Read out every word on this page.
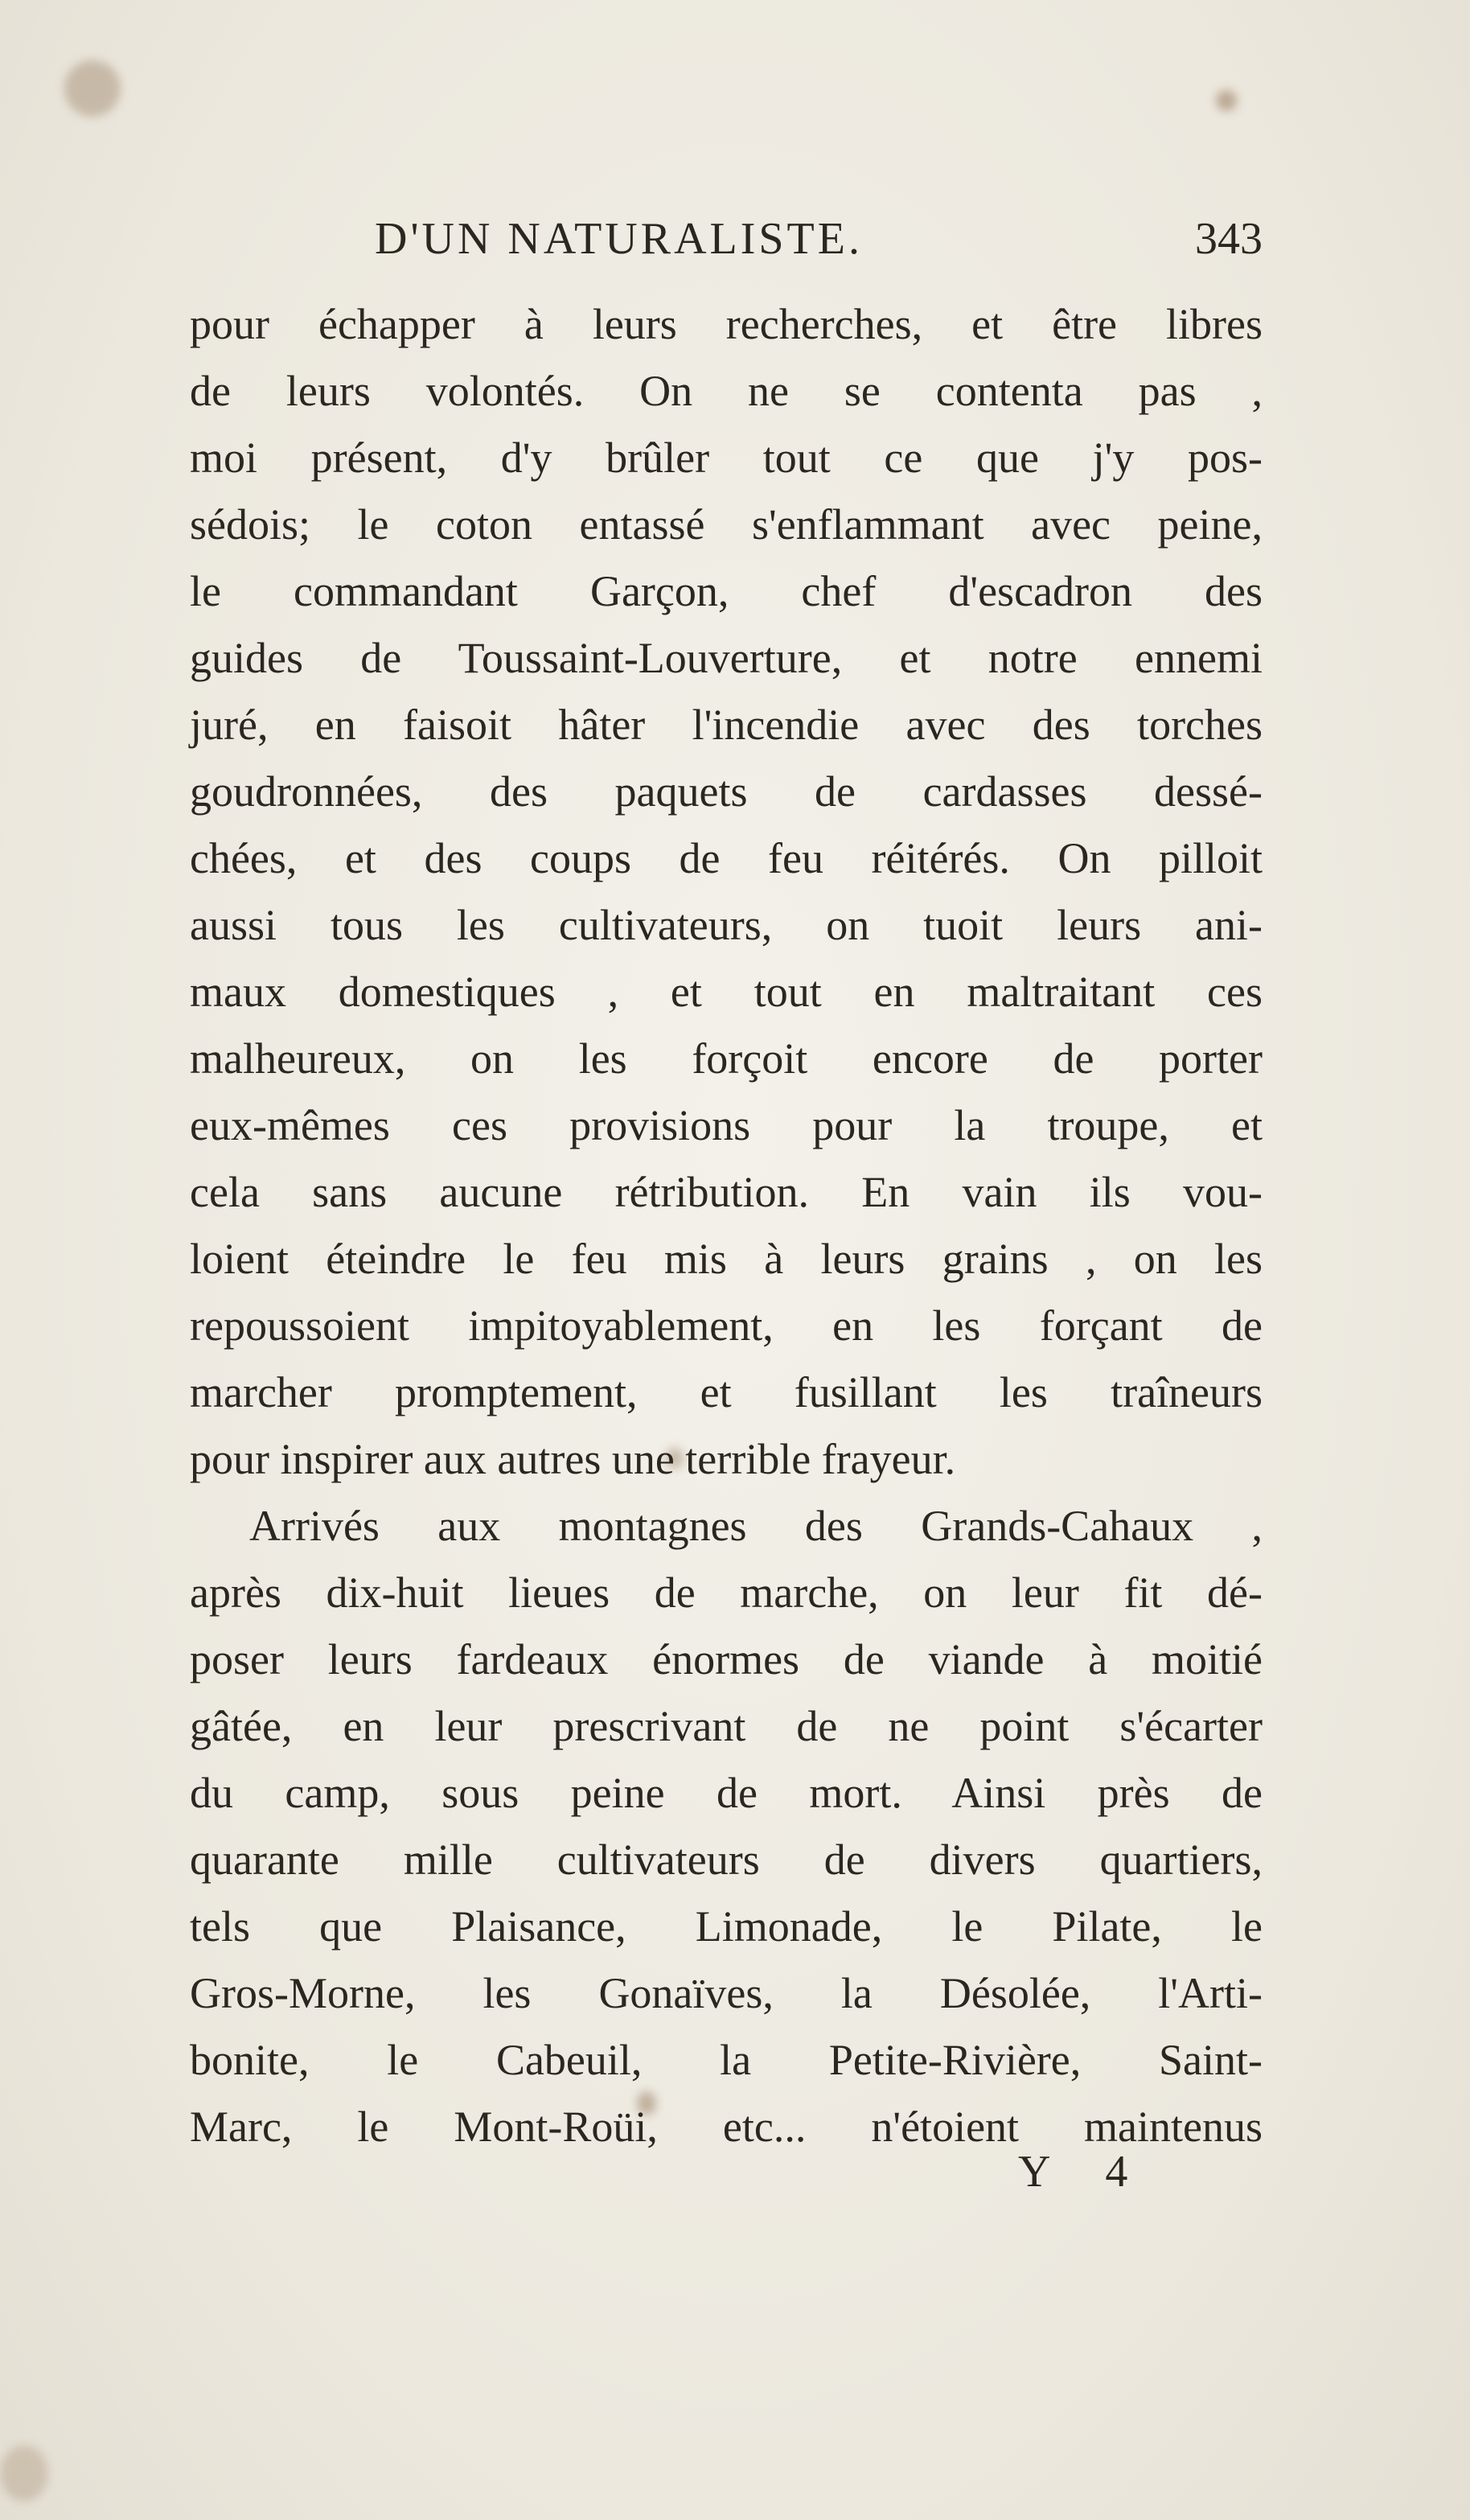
D'UN NATURALISTE.	343
pour échapper à leurs recherches, et être libres
de leurs volontés. On ne se contenta pas ,
moi présent, d'y brûler tout ce que j'y pos-
sédois; le coton entassé s'enflammant avec peine,
le commandant Garçon, chef d'escadron des
guides de Toussaint-Louverture, et notre ennemi
juré, en faisoit hâter l'incendie avec des torches
goudronnées, des paquets de cardasses dessé-
chées, et des coups de feu réitérés. On pilloit
aussi tous les cultivateurs, on tuoit leurs ani-
maux domestiques , et tout en maltraitant ces
malheureux, on les forçoit encore de porter
eux-mêmes ces provisions pour la troupe, et
cela sans aucune rétribution. En vain ils vou-
loient éteindre le feu mis à leurs grains , on les
repoussoient impitoyablement, en les forçant de
marcher promptement, et fusillant les traîneurs
pour inspirer aux autres une terrible frayeur.
Arrivés aux montagnes des Grands-Cahaux ,
après dix-huit lieues de marche, on leur fit dé-
poser leurs fardeaux énormes de viande à moitié
gâtée, en leur prescrivant de ne point s'écarter
du camp, sous peine de mort. Ainsi près de
quarante mille cultivateurs de divers quartiers,
tels que Plaisance, Limonade, le Pilate, le
Gros-Morne, les Gonaïves, la Désolée, l'Arti-
bonite, le Cabeuil, la Petite-Rivière, Saint-
Marc, le Mont-Roüi, etc... n'étoient maintenus
Y 4
